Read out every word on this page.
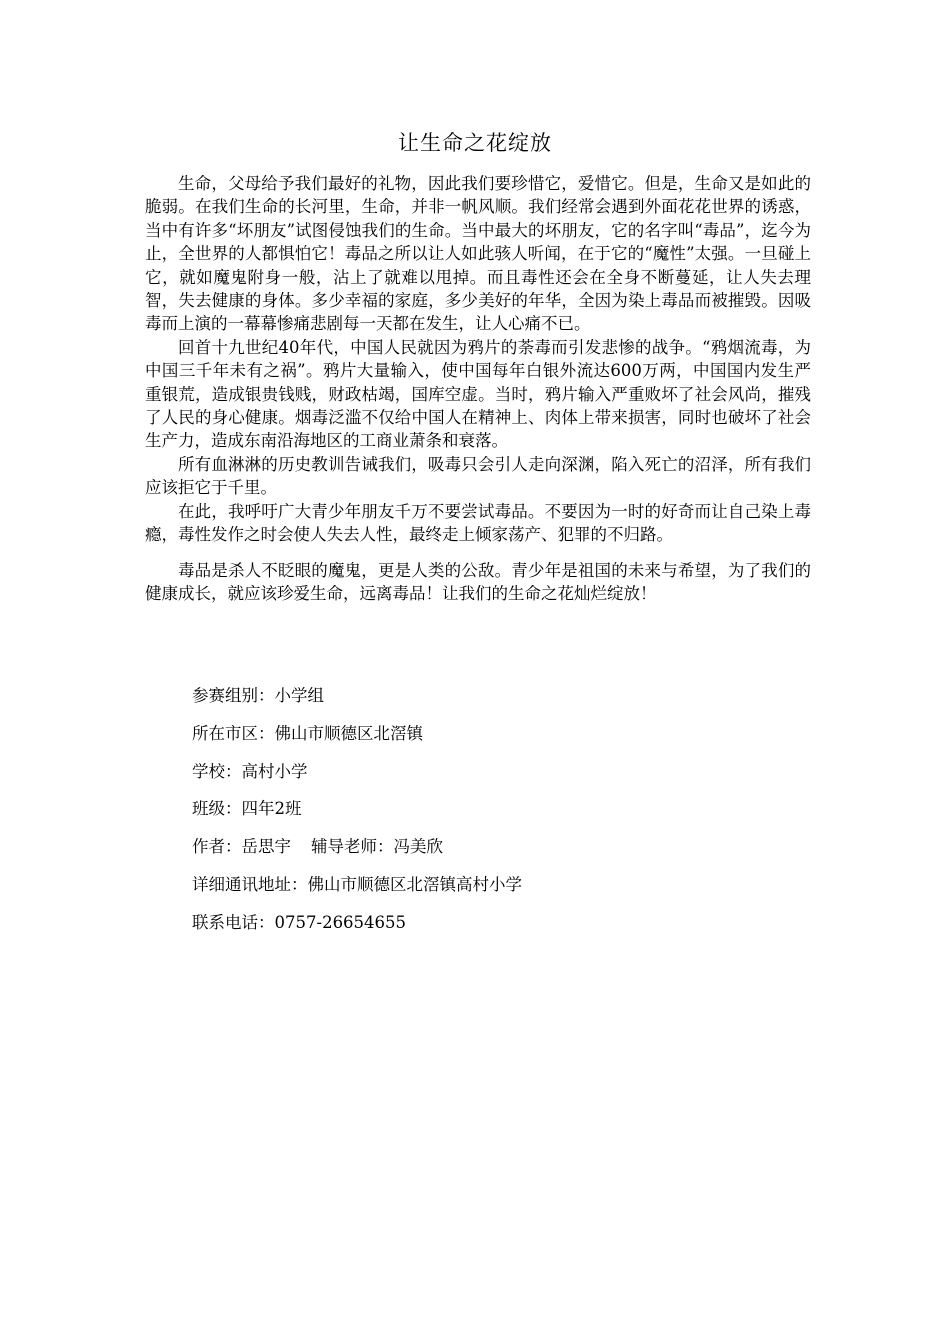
让生命之花绽放

生命，父母给予我们最好的礼物，因此我们要珍惜它，爱惜它。但是，生命又是如此的脆弱。在我们生命的长河里，生命，并非一帆风顺。我们经常会遇到外面花花世界的诱惑，当中有许多“坏朋友”试图侵蚀我们的生命。当中最大的坏朋友，它的名字叫“毒品”，迄今为止，全世界的人都惧怕它！毒品之所以让人如此骇人听闻，在于它的“魔性”太强。一旦碰上它，就如魔鬼附身一般，沾上了就难以甩掉。而且毒性还会在全身不断蔓延，让人失去理智，失去健康的身体。多少幸福的家庭，多少美好的年华，全因为染上毒品而被摧毁。因吸毒而上演的一幕幕惨痛悲剧每一天都在发生，让人心痛不已。

回首十九世纪40年代，中国人民就因为鸦片的荼毒而引发悲惨的战争。“鸦烟流毒，为中国三千年未有之祸”。鸦片大量输入，使中国每年白银外流达600万两，中国国内发生严重银荒，造成银贵钱贱，财政枯竭，国库空虚。当时，鸦片输入严重败坏了社会风尚，摧残了人民的身心健康。烟毒泛滥不仅给中国人在精神上、肉体上带来损害，同时也破坏了社会生产力，造成东南沿海地区的工商业萧条和衰落。

所有血淋淋的历史教训告诫我们，吸毒只会引人走向深渊，陷入死亡的沼泽，所有我们应该拒它于千里。

在此，我呼吁广大青少年朋友千万不要尝试毒品。不要因为一时的好奇而让自己染上毒瘾，毒性发作之时会使人失去人性，最终走上倾家荡产、犯罪的不归路。

毒品是杀人不眨眼的魔鬼，更是人类的公敌。青少年是祖国的未来与希望，为了我们的健康成长，就应该珍爱生命，远离毒品！让我们的生命之花灿烂绽放！

参赛组别：小学组
所在市区：佛山市顺德区北滘镇
学校：高村小学
班级：四年2班
作者：岳思宇 辅导老师：冯美欣
详细通讯地址：佛山市顺德区北滘镇高村小学
联系电话：0757-26654655
